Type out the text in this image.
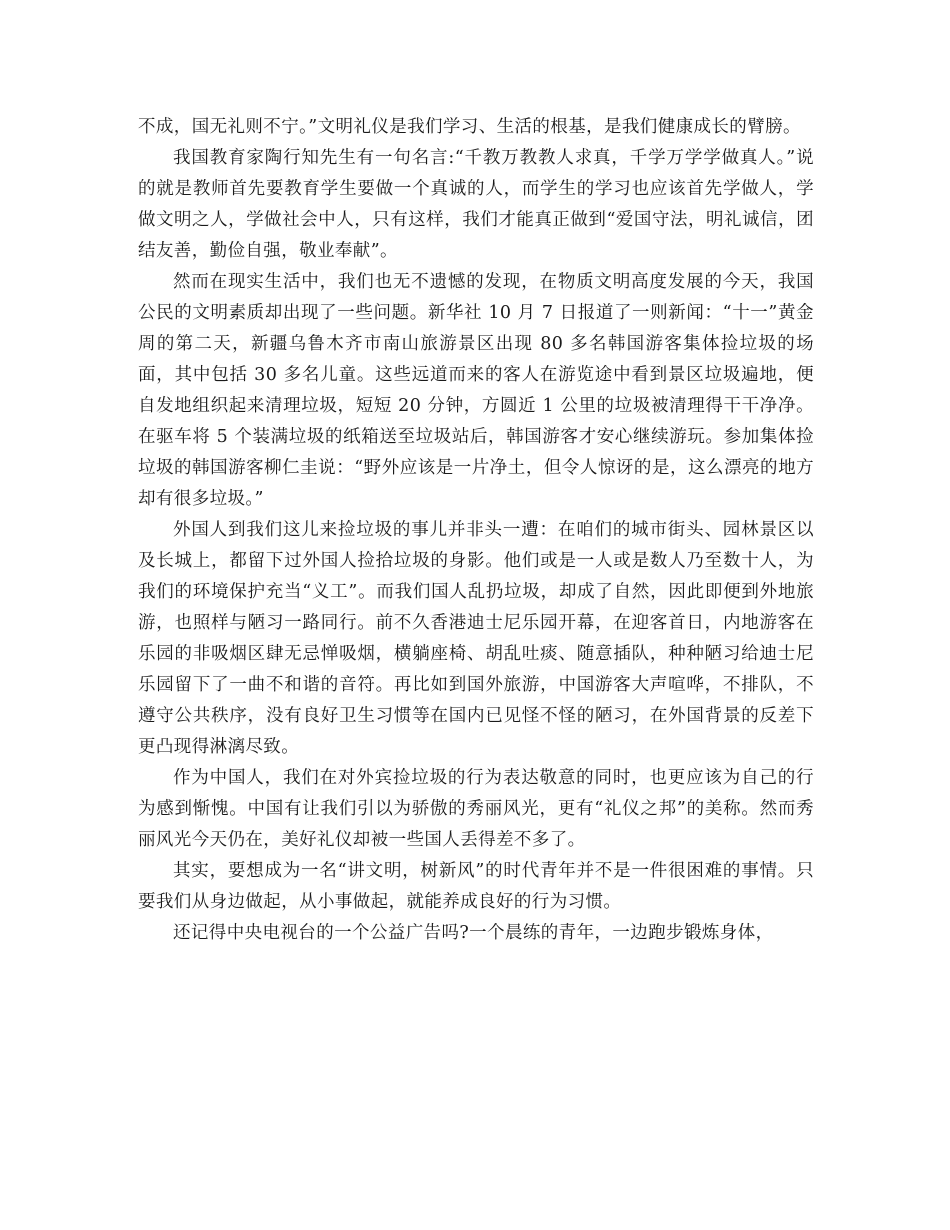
不成，国无礼则不宁。”文明礼仪是我们学习、生活的根基，是我们健康成长的臂膀。

我国教育家陶行知先生有一句名言:“千教万教教人求真，千学万学学做真人。”说的就是教师首先要教育学生要做一个真诚的人，而学生的学习也应该首先学做人，学做文明之人，学做社会中人，只有这样，我们才能真正做到“爱国守法，明礼诚信，团结友善，勤俭自强，敬业奉献”。

然而在现实生活中，我们也无不遗憾的发现，在物质文明高度发展的今天，我国公民的文明素质却出现了一些问题。新华社 10 月 7 日报道了一则新闻：“十一”黄金周的第二天，新疆乌鲁木齐市南山旅游景区出现 80 多名韩国游客集体捡垃圾的场面，其中包括 30 多名儿童。这些远道而来的客人在游览途中看到景区垃圾遍地，便自发地组织起来清理垃圾，短短 20 分钟，方圆近 1 公里的垃圾被清理得干干净净。在驱车将 5 个装满垃圾的纸箱送至垃圾站后，韩国游客才安心继续游玩。参加集体捡垃圾的韩国游客柳仁圭说：“野外应该是一片净土，但令人惊讶的是，这么漂亮的地方却有很多垃圾。”

外国人到我们这儿来捡垃圾的事儿并非头一遭：在咱们的城市街头、园林景区以及长城上，都留下过外国人捡拾垃圾的身影。他们或是一人或是数人乃至数十人，为我们的环境保护充当“义工”。而我们国人乱扔垃圾，却成了自然，因此即便到外地旅游，也照样与陋习一路同行。前不久香港迪士尼乐园开幕，在迎客首日，内地游客在乐园的非吸烟区肆无忌惮吸烟，横躺座椅、胡乱吐痰、随意插队，种种陋习给迪士尼乐园留下了一曲不和谐的音符。再比如到国外旅游，中国游客大声喧哗，不排队，不遵守公共秩序，没有良好卫生习惯等在国内已见怪不怪的陋习，在外国背景的反差下更凸现得淋漓尽致。

作为中国人，我们在对外宾捡垃圾的行为表达敬意的同时，也更应该为自己的行为感到惭愧。中国有让我们引以为骄傲的秀丽风光，更有“礼仪之邦”的美称。然而秀丽风光今天仍在，美好礼仪却被一些国人丢得差不多了。

其实，要想成为一名“讲文明，树新风”的时代青年并不是一件很困难的事情。只要我们从身边做起，从小事做起，就能养成良好的行为习惯。

还记得中央电视台的一个公益广告吗?一个晨练的青年，一边跑步锻炼身体，
